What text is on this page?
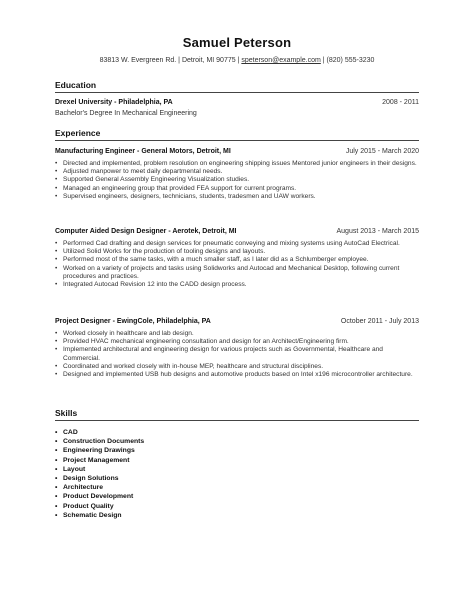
Samuel Peterson
83813 W. Evergreen Rd. | Detroit, MI 90775 | speterson@example.com | (820) 555-3230
Education
Drexel University - Philadelphia, PA	2008 - 2011
Bachelor's Degree In Mechanical Engineering
Experience
Manufacturing Engineer - General Motors, Detroit, MI	July 2015 - March 2020
• Directed and implemented, problem resolution on engineering shipping issues Mentored junior engineers in their designs.
• Adjusted manpower to meet daily departmental needs.
• Supported General Assembly Engineering Visualization studies.
• Managed an engineering group that provided FEA support for current programs.
• Supervised engineers, designers, technicians, students, tradesmen and UAW workers.
Computer Aided Design Designer - Aerotek, Detroit, MI	August 2013 - March 2015
• Performed Cad drafting and design services for pneumatic conveying and mixing systems using AutoCad Electrical.
• Utilized Solid Works for the production of tooling designs and layouts.
• Performed most of the same tasks, with a much smaller staff, as I later did as a Schlumberger employee.
• Worked on a variety of projects and tasks using Solidworks and Autocad and Mechanical Desktop, following current procedures and practices.
• Integrated Autocad Revision 12 into the CADD design process.
Project Designer - EwingCole, Philadelphia, PA	October 2011 - July 2013
• Worked closely in healthcare and lab design.
• Provided HVAC mechanical engineering consultation and design for an Architect/Engineering firm.
• Implemented architectural and engineering design for various projects such as Governmental, Healthcare and Commercial.
• Coordinated and worked closely with in-house MEP, healthcare and structural disciplines.
• Designed and implemented USB hub designs and automotive products based on Intel x196 microcontroller architecture.
Skills
• CAD
• Construction Documents
• Engineering Drawings
• Project Management
• Layout
• Design Solutions
• Architecture
• Product Development
• Product Quality
• Schematic Design
